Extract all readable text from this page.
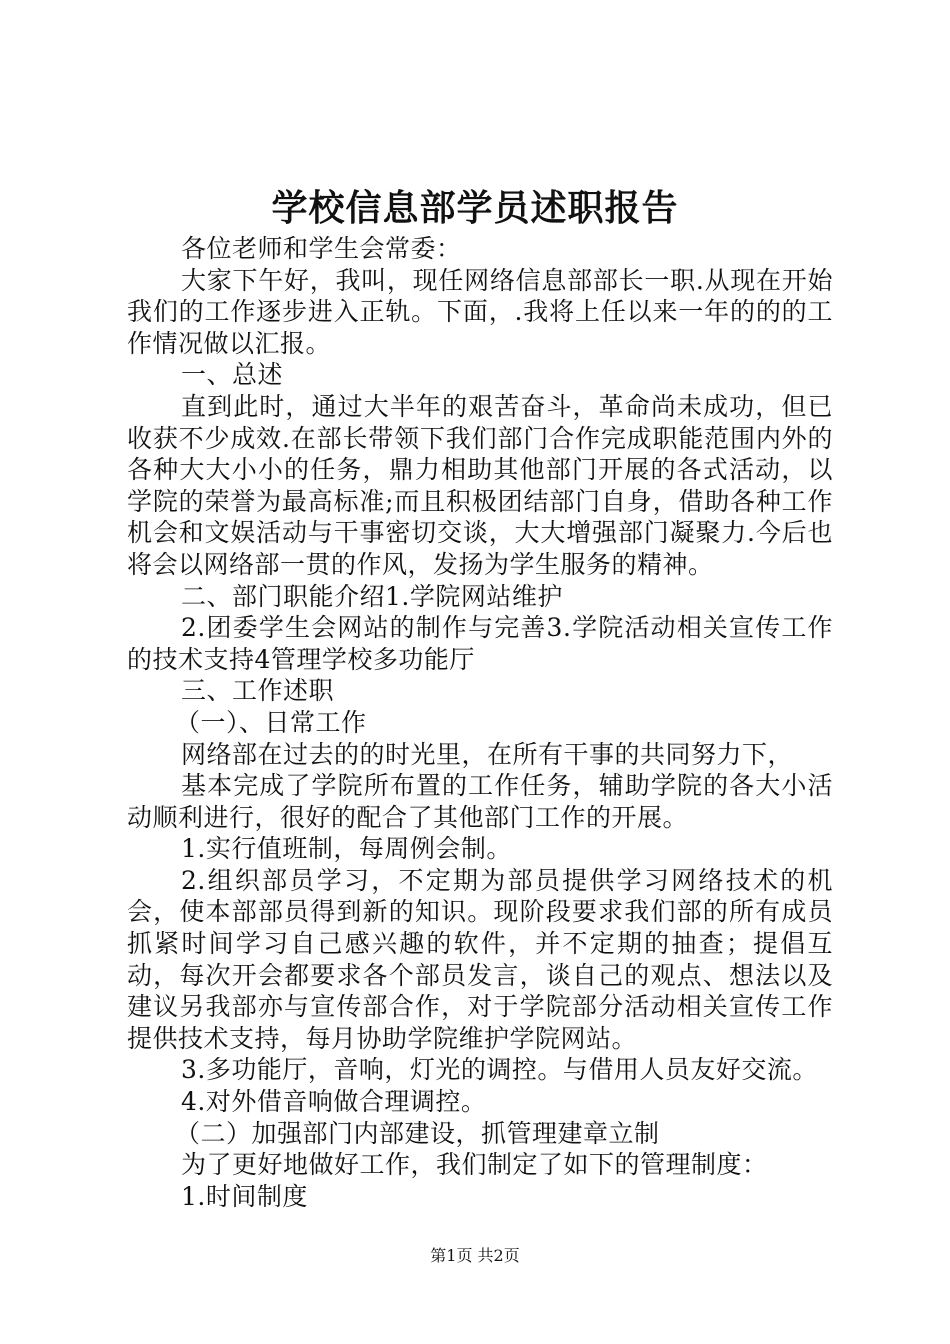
学校信息部学员述职报告

各位老师和学生会常委：

大家下午好，我叫，现任网络信息部部长一职.从现在开始我们的工作逐步进入正轨。下面，.我将上任以来一年的的的工作情况做以汇报。

一、总述

直到此时，通过大半年的艰苦奋斗，革命尚未成功，但已收获不少成效.在部长带领下我们部门合作完成职能范围内外的各种大大小小的任务，鼎力相助其他部门开展的各式活动，以学院的荣誉为最高标准;而且积极团结部门自身，借助各种工作机会和文娱活动与干事密切交谈，大大增强部门凝聚力.今后也将会以网络部一贯的作风，发扬为学生服务的精神。

二、部门职能介绍1.学院网站维护

2.团委学生会网站的制作与完善3.学院活动相关宣传工作的技术支持4管理学校多功能厅

三、工作述职

（一）、日常工作

网络部在过去的的时光里，在所有干事的共同努力下，

基本完成了学院所布置的工作任务，辅助学院的各大小活动顺利进行，很好的配合了其他部门工作的开展。

1.实行值班制，每周例会制。

2.组织部员学习，不定期为部员提供学习网络技术的机会，使本部部员得到新的知识。现阶段要求我们部的所有成员抓紧时间学习自己感兴趣的软件，并不定期的抽查；提倡互动，每次开会都要求各个部员发言，谈自己的观点、想法以及建议另我部亦与宣传部合作，对于学院部分活动相关宣传工作提供技术支持，每月协助学院维护学院网站。

3.多功能厅，音响，灯光的调控。与借用人员友好交流。

4.对外借音响做合理调控。

（二）加强部门内部建设，抓管理建章立制

为了更好地做好工作，我们制定了如下的管理制度：

1.时间制度

第1页 共2页
